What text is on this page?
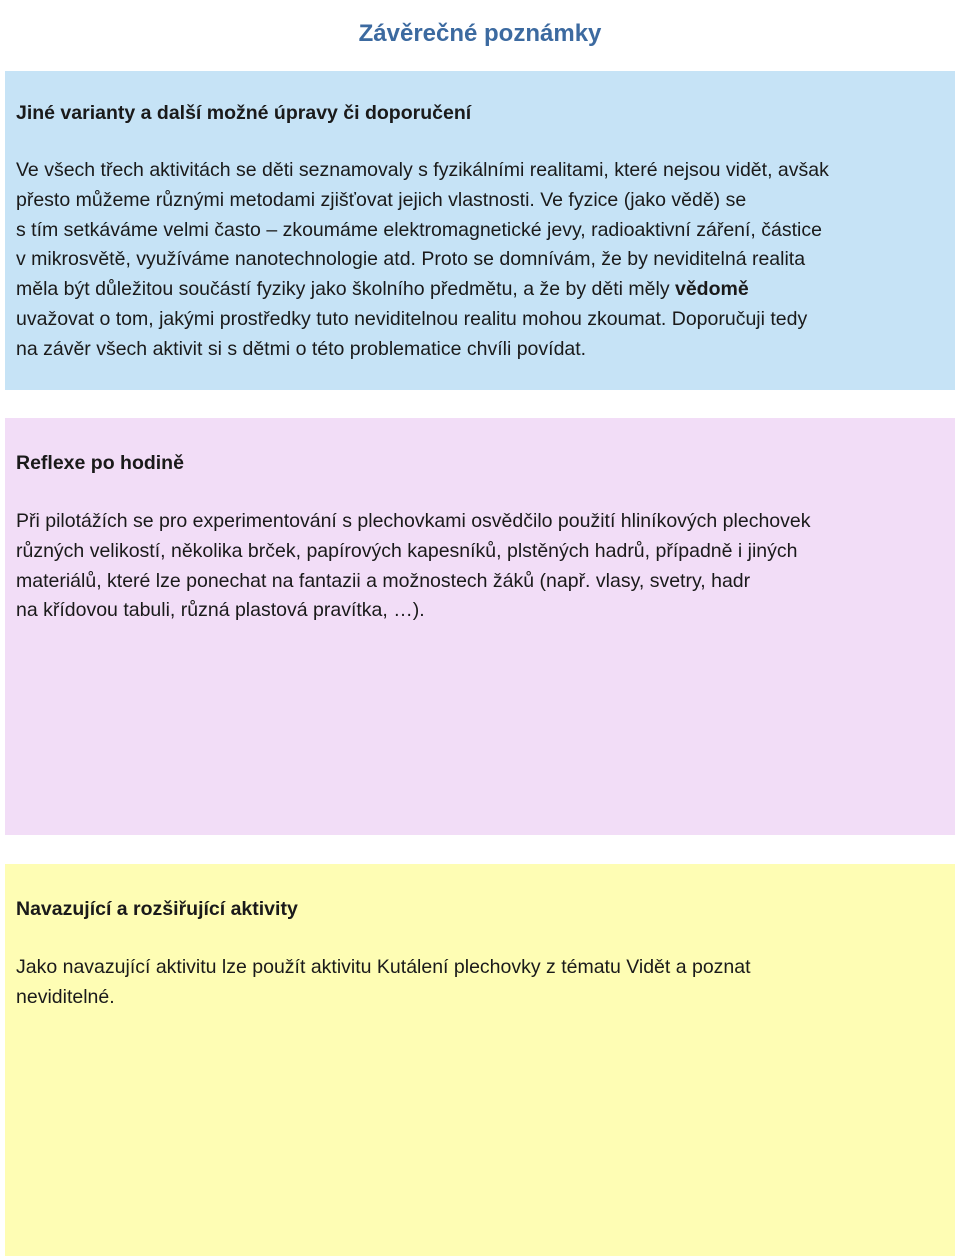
Závěrečné poznámky
Jiné varianty a další možné úpravy či doporučení

Ve všech třech aktivitách se děti seznamovaly s fyzikálními realitami, které nejsou vidět, avšak
přesto můžeme různými metodami zjišťovat jejich vlastnosti. Ve fyzice (jako vědě) se
s tím setkáváme velmi často – zkoumáme elektromagnetické jevy, radioaktivní záření, částice
v mikrosvětě, využíváme nanotechnologie atd. Proto se domnívám, že by neviditelná realita
měla být důležitou součástí fyziky jako školního předmětu, a že by děti měly vědomě
uvažovat o tom, jakými prostředky tuto neviditelnou realitu mohou zkoumat. Doporučuji tedy
na závěr všech aktivit si s dětmi o této problematice chvíli povídat.

Reflexe po hodině

Při pilotážích se pro experimentování s plechovkami osvědčilo použití hliníkových plechovek
různých velikostí, několika brček, papírových kapesníků, plstěných hadrů, případně i jiných
materiálů, které lze ponechat na fantazii a možnostech žáků (např. vlasy, svetry, hadr
na křídovou tabuli, různá plastová pravítka, …).

Navazující a rozšiřující aktivity

Jako navazující aktivitu lze použít aktivitu Kutálení plechovky z tématu Vidět a poznat
neviditelné.
